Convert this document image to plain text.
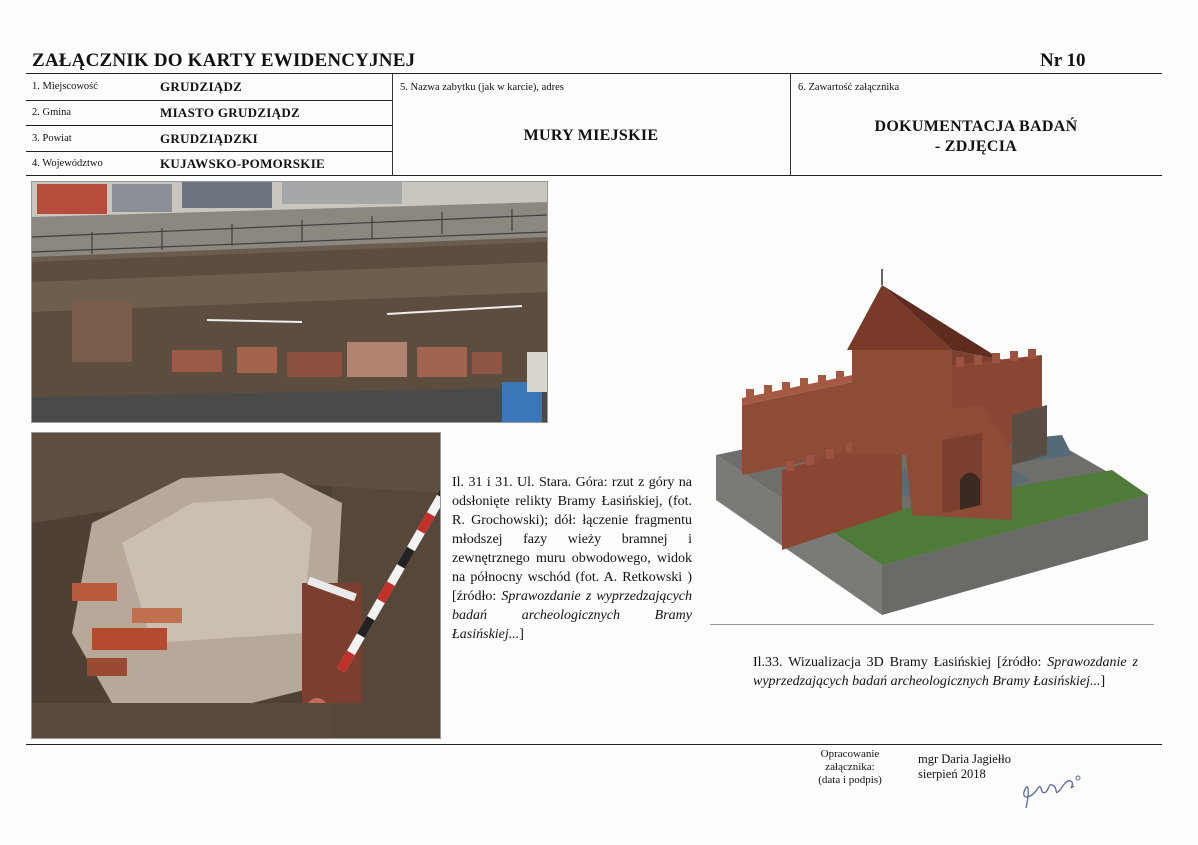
ZAŁĄCZNIK DO KARTY EWIDENCYJNEJ	Nr 10
1. Miejscowość	GRUDZIĄDZ
2. Gmina	MIASTO GRUDZIĄDZ
3. Powiat	GRUDZIĄDZKI
4. Województwo	KUJAWSKO-POMORSKIE
5. Nazwa zabytku (jak w karcie), adres
MURY MIEJSKIE
6. Zawartość załącznika
DOKUMENTACJA BADAŃ
- ZDJĘCIA
Il. 31 i 31. Ul. Stara. Góra: rzut z góry na odsłonięte relikty Bramy Łasińskiej, (fot. R. Grochowski); dół: łączenie fragmentu młodszej fazy wieży bramnej i zewnętrznego muru obwodowego, widok na północny wschód (fot. A. Retkowski ) [źródło: Sprawozdanie z wyprzedzających badań archeologicznych Bramy Łasińskiej...]
Il.33. Wizualizacja 3D Bramy Łasińskiej [źródło: Sprawozdanie z wyprzedzających badań archeologicznych Bramy Łasińskiej...]
Opracowanie
załącznika:
(data i podpis)
mgr Daria Jagiełło
sierpień 2018
